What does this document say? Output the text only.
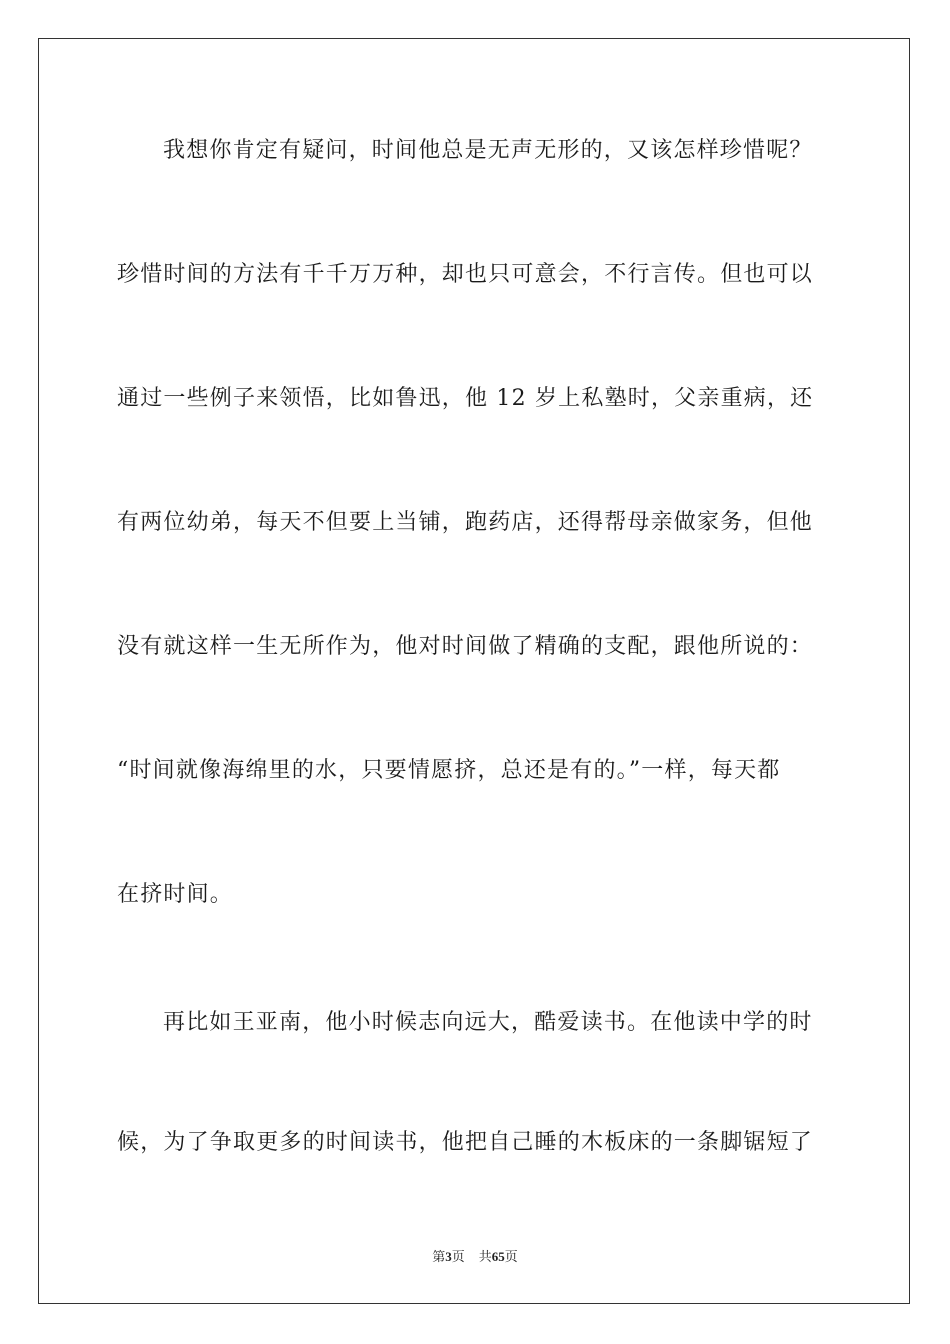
我想你肯定有疑问，时间他总是无声无形的，又该怎样珍惜呢？
珍惜时间的方法有千千万万种，却也只可意会，不行言传。但也可以
通过一些例子来领悟，比如鲁迅，他 12 岁上私塾时，父亲重病，还
有两位幼弟，每天不但要上当铺，跑药店，还得帮母亲做家务，但他
没有就这样一生无所作为，他对时间做了精确的支配，跟他所说的：
“时间就像海绵里的水，只要情愿挤，总还是有的。”一样，每天都
在挤时间。
再比如王亚南，他小时候志向远大，酷爱读书。在他读中学的时
候，为了争取更多的时间读书，他把自己睡的木板床的一条脚锯短了
第3页 共65页
